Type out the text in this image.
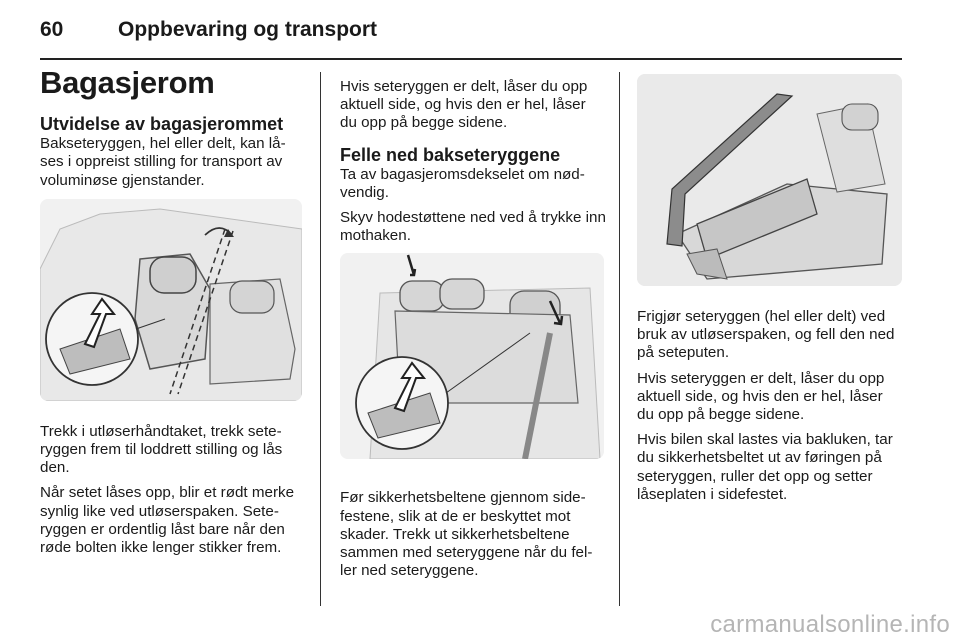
60	Oppbevaring og transport
Bagasjerom
Utvidelse av bagasjerommet

Bakseteryggen, hel eller delt, kan lå-ses i oppreist stilling for transport av voluminøse gjenstander.

Trekk i utløserhåndtaket, trekk sete-ryggen frem til loddrett stilling og lås den.

Når setet låses opp, blir et rødt merke synlig like ved utløserspaken. Sete-ryggen er ordentlig låst bare når den røde bolten ikke lenger stikker frem.

Hvis seteryggen er delt, låser du opp aktuell side, og hvis den er hel, låser du opp på begge sidene.

Felle ned bakseteryggene

Ta av bagasjeromsdekselet om nød-vendig.

Skyv hodestøttene ned ved å trykke inn mothaken.

Før sikkerhetsbeltene gjennom side-festene, slik at de er beskyttet mot skader. Trekk ut sikkerhetsbeltene sammen med seteryggene når du fel-ler ned seteryggene.

Frigjør seteryggen (hel eller delt) ved bruk av utløserspaken, og fell den ned på seteputen.

Hvis seteryggen er delt, låser du opp aktuell side, og hvis den er hel, låser du opp på begge sidene.

Hvis bilen skal lastes via bakluken, tar du sikkerhetsbeltet ut av føringen på seteryggen, ruller det opp og setter låseplaten i sidefestet.

carmanualsonline.info
